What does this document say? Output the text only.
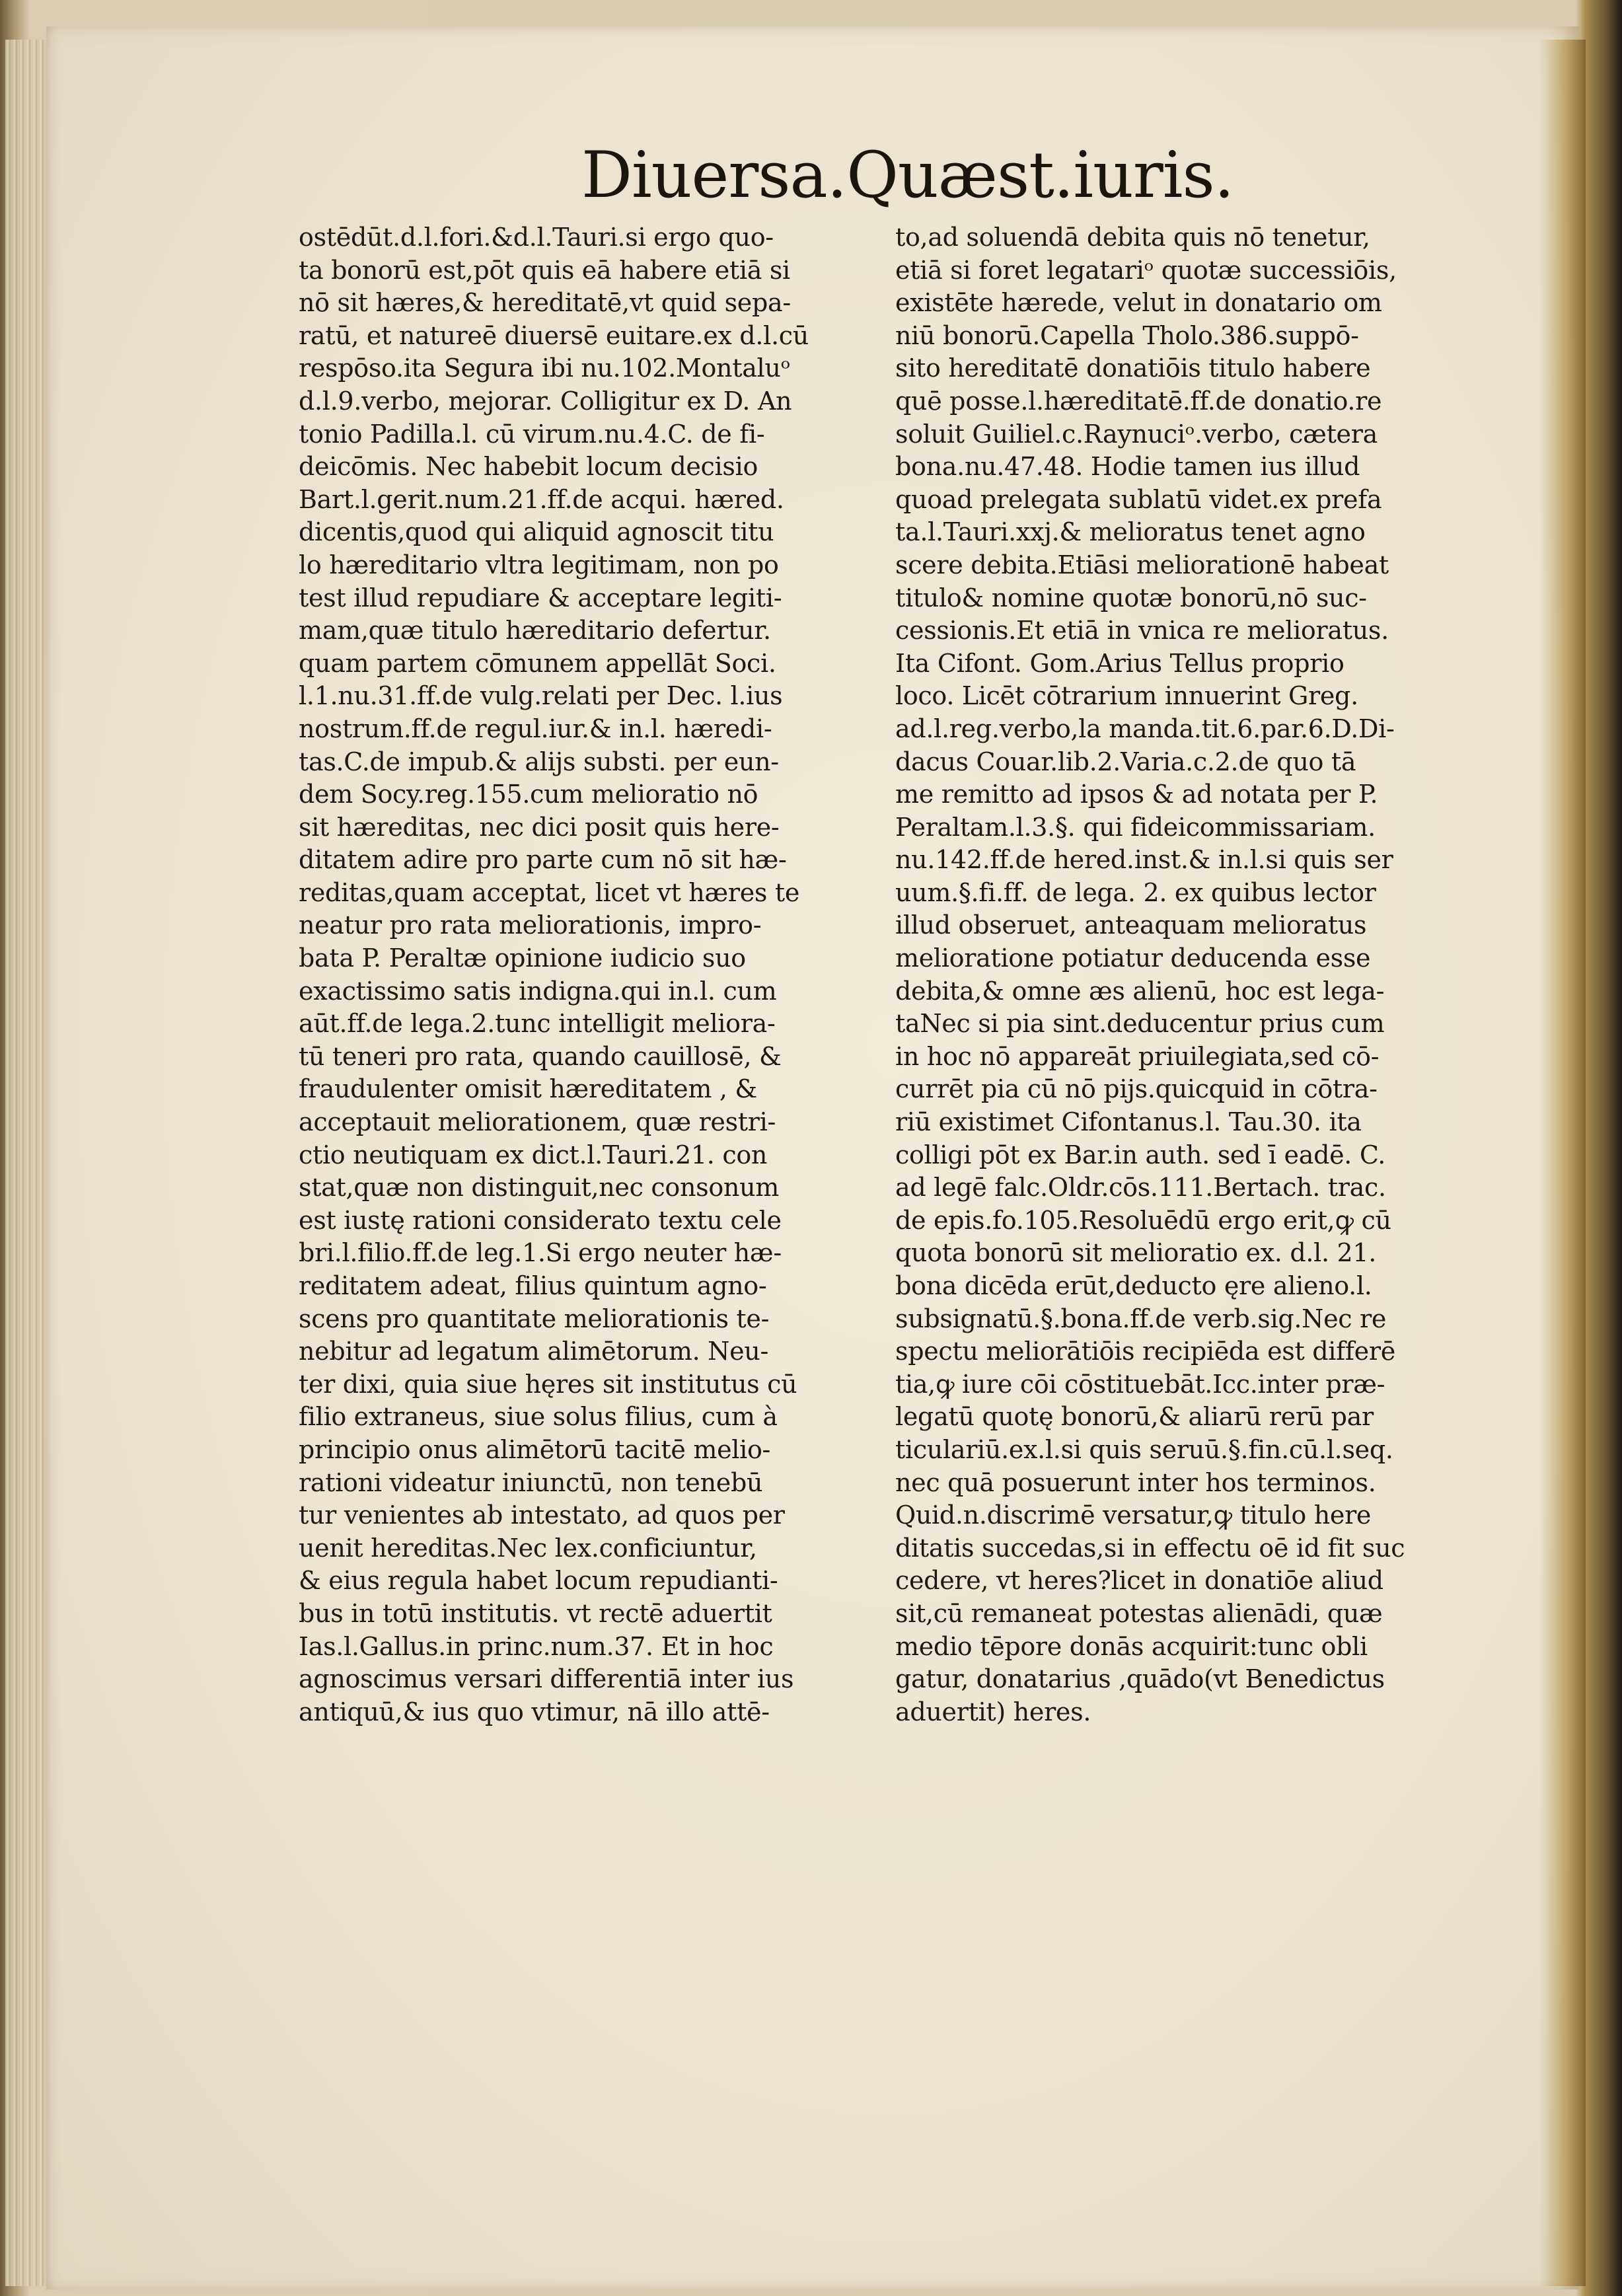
Diuersa.Quæst.iuris.
ostēdūt.d.l.fori.&d.l.Tauri.si ergo quo-
ta bonorū est,pōt quis eā habere etiā si
nō sit hæres,& hereditatē,vt quid sepa-
ratū, et natureē diuersē euitare.ex d.l.cū
respōso.ita Segura ibi nu.102.Montaluᵒ
d.l.9.verbo, mejorar. Colligitur ex D. An
tonio Padilla.l. cū virum.nu.4.C. de fi-
deicōmis. Nec habebit locum decisio
Bart.l.gerit.num.21.ff.de acqui. hæred.
dicentis,quod qui aliquid agnoscit titu
lo hæreditario vltra legitimam, non po
test illud repudiare & acceptare legiti-
mam,quæ titulo hæreditario defertur.
quam partem cōmunem appellāt Soci.
l.1.nu.31.ff.de vulg.relati per Dec. l.ius
nostrum.ff.de regul.iur.& in.l. hæredi-
tas.C.de impub.& alijs substi. per eun-
dem Socy.reg.155.cum melioratio nō
sit hæreditas, nec dici posit quis here-
ditatem adire pro parte cum nō sit hæ-
reditas,quam acceptat, licet vt hæres te
neatur pro rata meliorationis, impro-
bata P. Peraltæ opinione iudicio suo
exactissimo satis indigna.qui in.l. cum
aūt.ff.de lega.2.tunc intelligit meliora-
tū teneri pro rata, quando cauillosē, &
fraudulenter omisit hæreditatem , &
acceptauit meliorationem, quæ restri-
ctio neutiquam ex dict.l.Tauri.21. con
stat,quæ non distinguit,nec consonum
est iustę rationi considerato textu cele
bri.l.filio.ff.de leg.1.Si ergo neuter hæ-
reditatem adeat, filius quintum agno-
scens pro quantitate meliorationis te-
nebitur ad legatum alimētorum. Neu-
ter dixi, quia siue hęres sit institutus cū
filio extraneus, siue solus filius, cum à
principio onus alimētorū tacitē melio-
rationi videatur iniunctū, non tenebū
tur venientes ab intestato, ad quos per
uenit hereditas.Nec lex.conficiuntur,
& eius regula habet locum repudianti-
bus in totū institutis. vt rectē aduertit
Ias.l.Gallus.in princ.num.37. Et in hoc
agnoscimus versari differentiā inter ius
antiquū,& ius quo vtimur, nā illo attē-
to,ad soluendā debita quis nō tenetur,
etiā si foret legatariᵒ quotæ successiōis,
existēte hærede, velut in donatario om
niū bonorū.Capella Tholo.386.suppō-
sito hereditatē donatiōis titulo habere
quē posse.l.hæreditatē.ff.de donatio.re
soluit Guiliel.c.Raynuciᵒ.verbo, cætera
bona.nu.47.48. Hodie tamen ius illud
quoad prelegata sublatū videt.ex prefa
ta.l.Tauri.xxj.& melioratus tenet agno
scere debita.Etiāsi meliorationē habeat
titulo& nomine quotæ bonorū,nō suc-
cessionis.Et etiā in vnica re melioratus.
Ita Cifont. Gom.Arius Tellus proprio
loco. Licēt cōtrarium innuerint Greg.
ad.l.reg.verbo,la manda.tit.6.par.6.D.Di-
dacus Couar.lib.2.Varia.c.2.de quo tā
me remitto ad ipsos & ad notata per P.
Peraltam.l.3.§. qui fideicommissariam.
nu.142.ff.de hered.inst.& in.l.si quis ser
uum.§.fi.ff. de lega. 2. ex quibus lector
illud obseruet, anteaquam melioratus
melioratione potiatur deducenda esse
debita,& omne æs alienū, hoc est lega-
taNec si pia sint.deducentur prius cum
in hoc nō appareāt priuilegiata,sed cō-
currēt pia cū nō pijs.quicquid in cōtra-
riū existimet Cifontanus.l. Tau.30. ita
colligi pōt ex Bar.in auth. sed ī eadē. C.
ad legē falc.Oldr.cōs.111.Bertach. trac.
de epis.fo.105.Resoluēdū ergo erit,ꝙ cū
quota bonorū sit melioratio ex. d.l. 21.
bona dicēda erūt,deducto ęre alieno.l.
subsignatū.§.bona.ff.de verb.sig.Nec re
spectu meliorātiōis recipiēda est differē
tia,ꝙ iure cōi cōstituebāt.Icc.inter præ-
legatū quotę bonorū,& aliarū rerū par
ticulariū.ex.l.si quis seruū.§.fin.cū.l.seq.
nec quā posuerunt inter hos terminos.
Quid.n.discrimē versatur,ꝙ titulo here
ditatis succedas,si in effectu oē id fit suc
cedere, vt heres?licet in donatiōe aliud
sit,cū remaneat potestas alienādi, quæ
medio tēpore donās acquirit:tunc obli
gatur, donatarius ,quādo(vt Benedictus
aduertit) heres.
